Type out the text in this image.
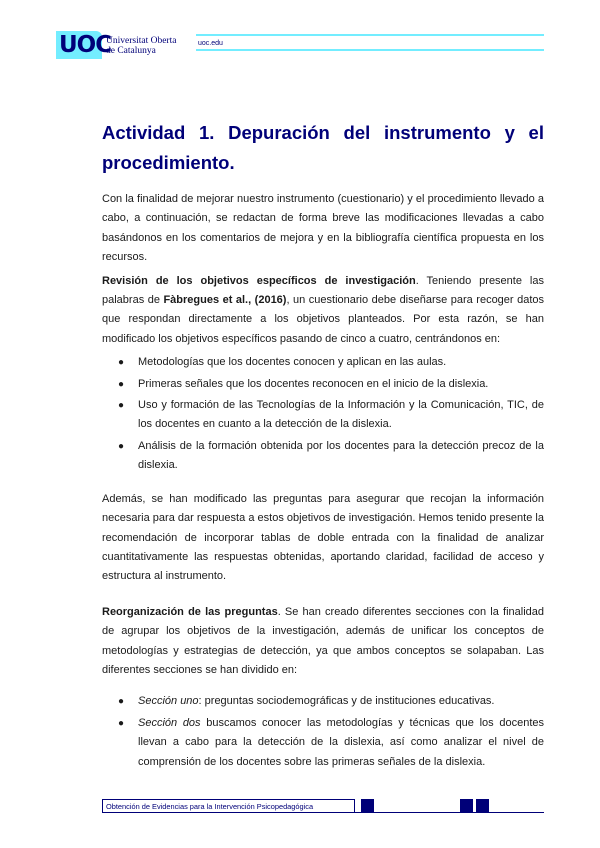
UOC
Universitat Oberta
de Catalunya
uoc.edu
Actividad 1. Depuración del instrumento y el procedimiento.

Con la finalidad de mejorar nuestro instrumento (cuestionario) y el procedimiento llevado a cabo, a continuación, se redactan de forma breve las modificaciones llevadas a cabo basándonos en los comentarios de mejora y en la bibliografía científica propuesta en los recursos.

Revisión de los objetivos específicos de investigación. Teniendo presente las palabras de Fàbregues et al., (2016), un cuestionario debe diseñarse para recoger datos que respondan directamente a los objetivos planteados. Por esta razón, se han modificado los objetivos específicos pasando de cinco a cuatro, centrándonos en:

● Metodologías que los docentes conocen y aplican en las aulas.
● Primeras señales que los docentes reconocen en el inicio de la dislexia.
● Uso y formación de las Tecnologías de la Información y la Comunicación, TIC, de los docentes en cuanto a la detección de la dislexia.
● Análisis de la formación obtenida por los docentes para la detección precoz de la dislexia.

Además, se han modificado las preguntas para asegurar que recojan la información necesaria para dar respuesta a estos objetivos de investigación. Hemos tenido presente la recomendación de incorporar tablas de doble entrada con la finalidad de analizar cuantitativamente las respuestas obtenidas, aportando claridad, facilidad de acceso y estructura al instrumento.

Reorganización de las preguntas. Se han creado diferentes secciones con la finalidad de agrupar los objetivos de la investigación, además de unificar los conceptos de metodologías y estrategias de detección, ya que ambos conceptos se solapaban. Las diferentes secciones se han dividido en:

● Sección uno: preguntas sociodemográficas y de instituciones educativas.
● Sección dos buscamos conocer las metodologías y técnicas que los docentes llevan a cabo para la detección de la dislexia, así como analizar el nivel de comprensión de los docentes sobre las primeras señales de la dislexia.
Obtención de Evidencias para la Intervención Psicopedagógica
